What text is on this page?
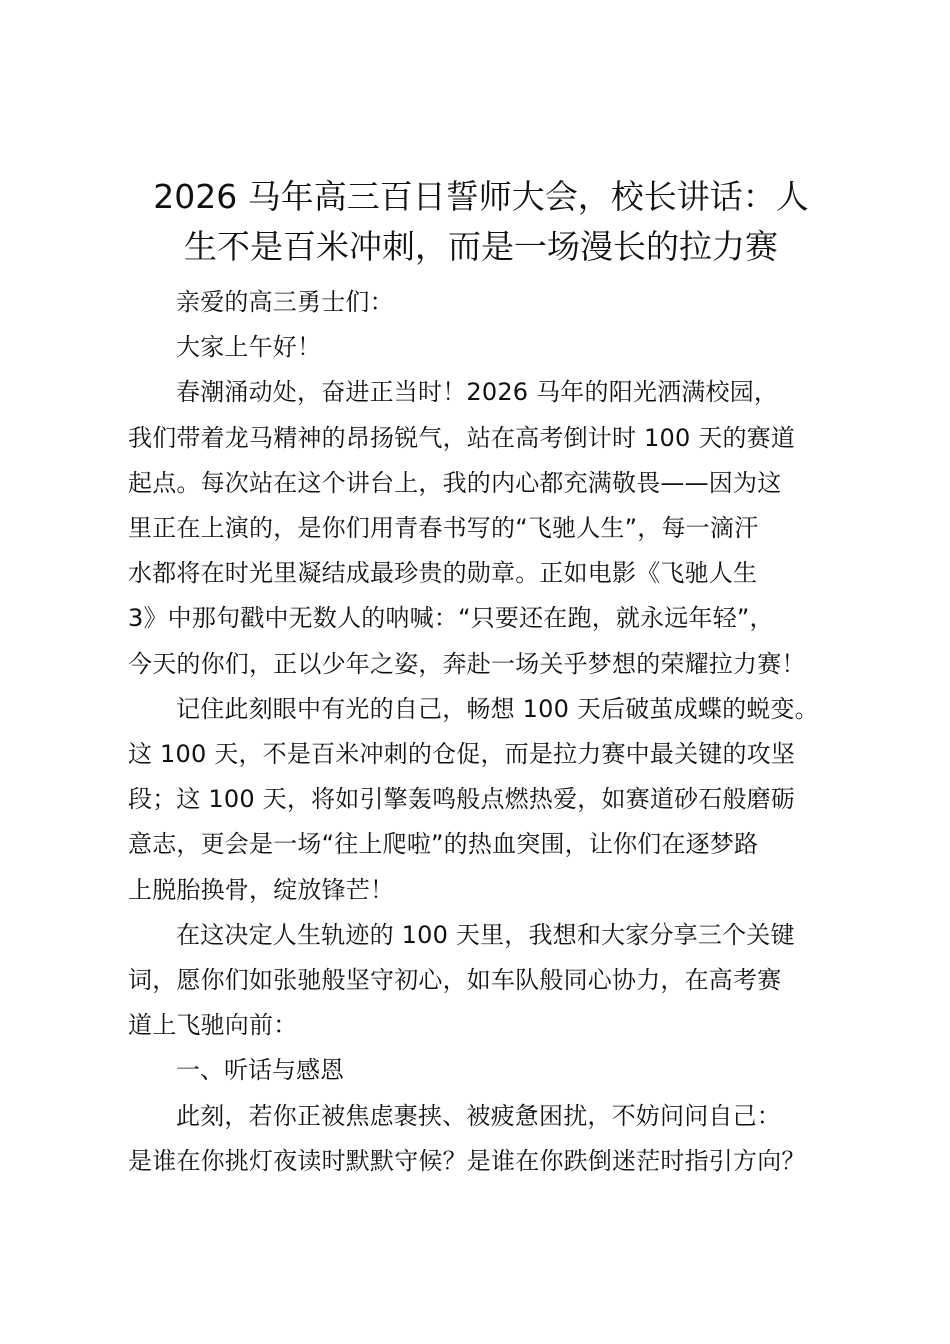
2026 马年高三百日誓师大会，校长讲话：人
生不是百米冲刺，而是一场漫长的拉力赛

亲爱的高三勇士们：

大家上午好！

春潮涌动处，奋进正当时！2026 马年的阳光洒满校园，
我们带着龙马精神的昂扬锐气，站在高考倒计时 100 天的赛道
起点。每次站在这个讲台上，我的内心都充满敬畏——因为这
里正在上演的，是你们用青春书写的“飞驰人生”，每一滴汗
水都将在时光里凝结成最珍贵的勋章。正如电影《飞驰人生
3》中那句戳中无数人的呐喊：“只要还在跑，就永远年轻”，
今天的你们，正以少年之姿，奔赴一场关乎梦想的荣耀拉力赛！

记住此刻眼中有光的自己，畅想 100 天后破茧成蝶的蜕变。
这 100 天，不是百米冲刺的仓促，而是拉力赛中最关键的攻坚
段；这 100 天，将如引擎轰鸣般点燃热爱，如赛道砂石般磨砺
意志，更会是一场“往上爬啦”的热血突围，让你们在逐梦路
上脱胎换骨，绽放锋芒！

在这决定人生轨迹的 100 天里，我想和大家分享三个关键
词，愿你们如张驰般坚守初心，如车队般同心协力，在高考赛
道上飞驰向前：

一、听话与感恩

此刻，若你正被焦虑裹挟、被疲惫困扰，不妨问问自己：
是谁在你挑灯夜读时默默守候？是谁在你跌倒迷茫时指引方向？
